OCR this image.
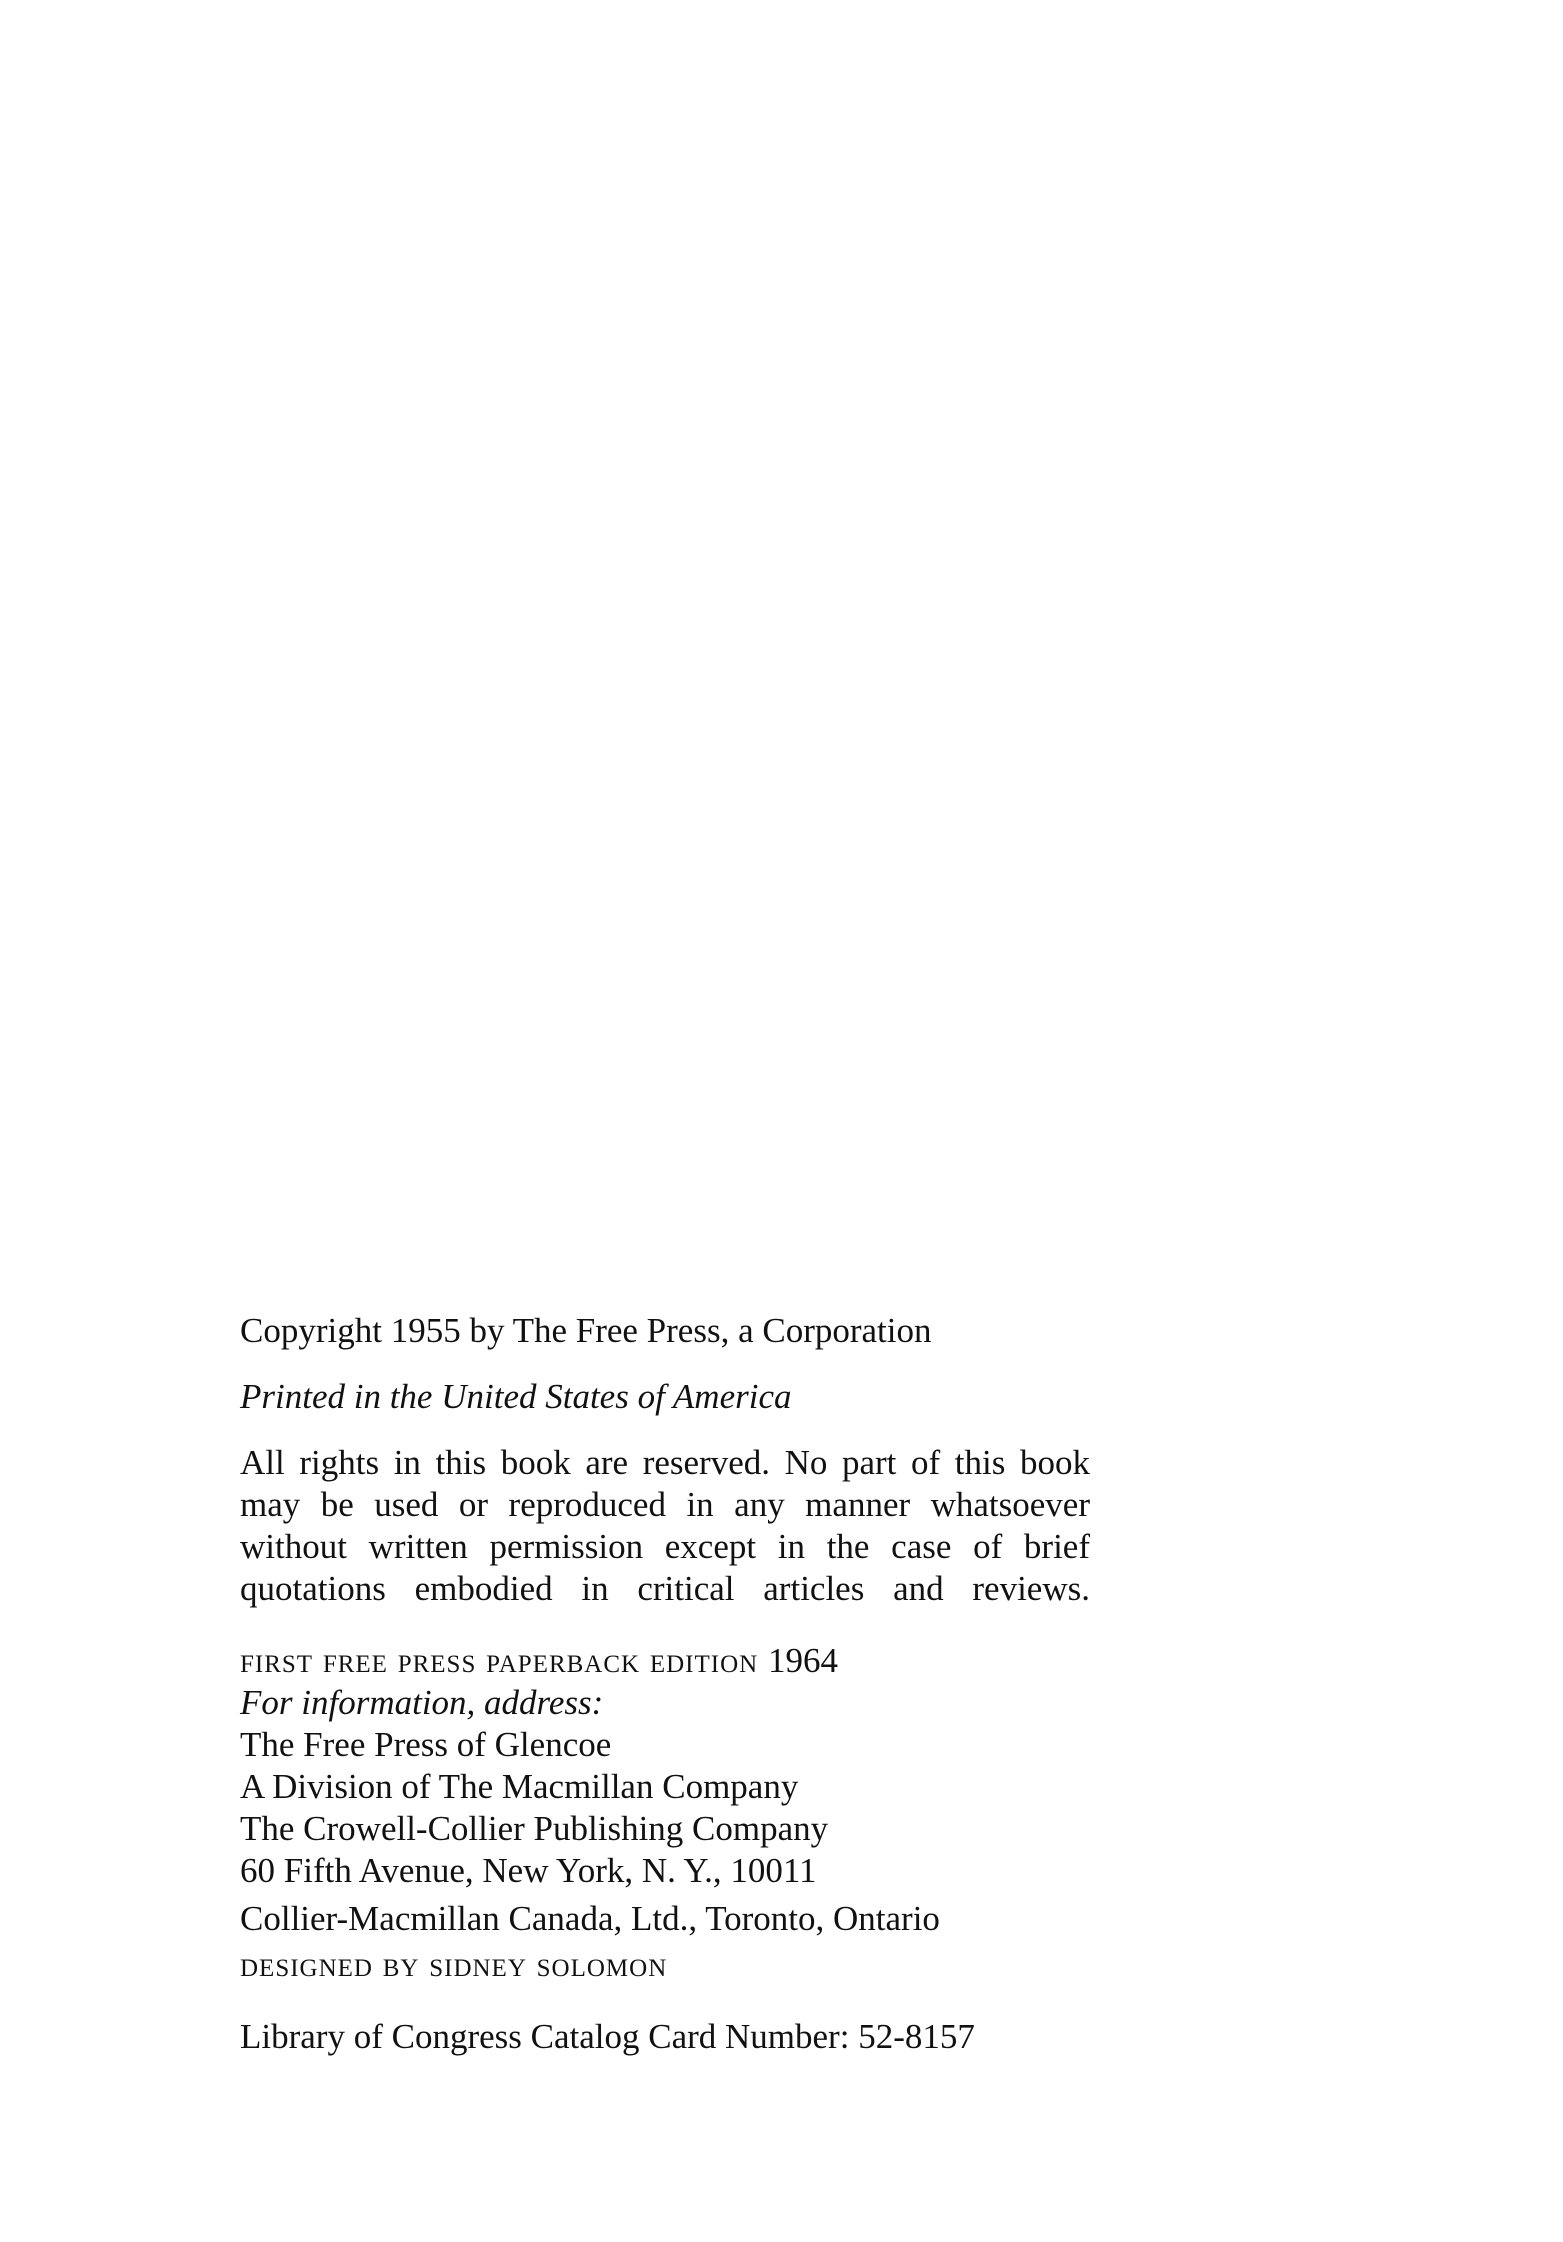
Copyright 1955 by The Free Press, a Corporation
Printed in the United States of America
All rights in this book are reserved. No part of this book
may be used or reproduced in any manner whatsoever
without written permission except in the case of brief
quotations embodied in critical articles and reviews.
first free press paperback edition 1964
For information, address:
The Free Press of Glencoe
A Division of The Macmillan Company
The Crowell-Collier Publishing Company
60 Fifth Avenue, New York, N. Y., 10011
Collier-Macmillan Canada, Ltd., Toronto, Ontario
designed by sidney solomon
Library of Congress Catalog Card Number: 52-8157
